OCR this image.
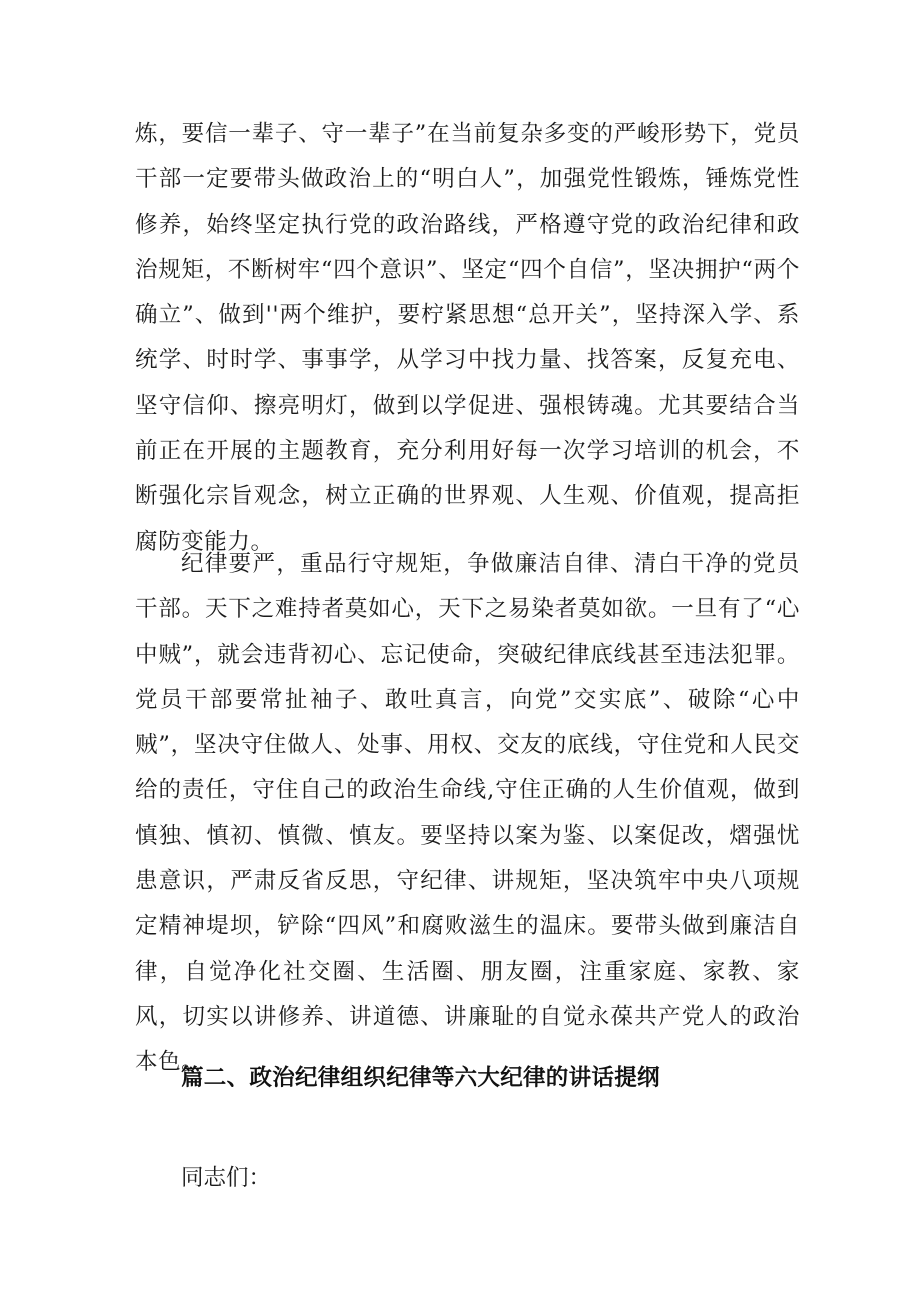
炼，要信一辈子、守一辈子”在当前复杂多变的严峻形势下，党员干部一定要带头做政治上的“明白人”，加强党性锻炼，锤炼党性修养，始终坚定执行党的政治路线，严格遵守党的政治纪律和政治规矩，不断树牢“四个意识”、坚定“四个自信”，坚决拥护“两个确立”、做到''两个维护，要柠紧思想“总开关”，坚持深入学、系统学、时时学、事事学，从学习中找力量、找答案，反复充电、坚守信仰、擦亮明灯，做到以学促进、强根铸魂。尤其要结合当前正在开展的主题教育，充分利用好每一次学习培训的机会，不断强化宗旨观念，树立正确的世界观、人生观、价值观，提高拒腐防变能力。

纪律要严，重品行守规矩，争做廉洁自律、清白干净的党员干部。天下之难持者莫如心，天下之易染者莫如欲。一旦有了“心中贼”，就会违背初心、忘记使命，突破纪律底线甚至违法犯罪。党员干部要常扯袖子、敢吐真言，向党”交实底”、破除“心中贼”，坚决守住做人、处事、用权、交友的底线，守住党和人民交给的责任，守住自己的政治生命线,守住正确的人生价值观，做到慎独、慎初、慎微、慎友。要坚持以案为鉴、以案促改，熠强忧患意识，严肃反省反思，守纪律、讲规矩，坚决筑牢中央八项规定精神堤坝，铲除“四风”和腐败滋生的温床。要带头做到廉洁自律，自觉净化社交圈、生活圈、朋友圈，注重家庭、家教、家风，切实以讲修养、讲道德、讲廉耻的自觉永葆共产党人的政治本色。

篇二、政治纪律组织纪律等六大纪律的讲话提纲

同志们：
